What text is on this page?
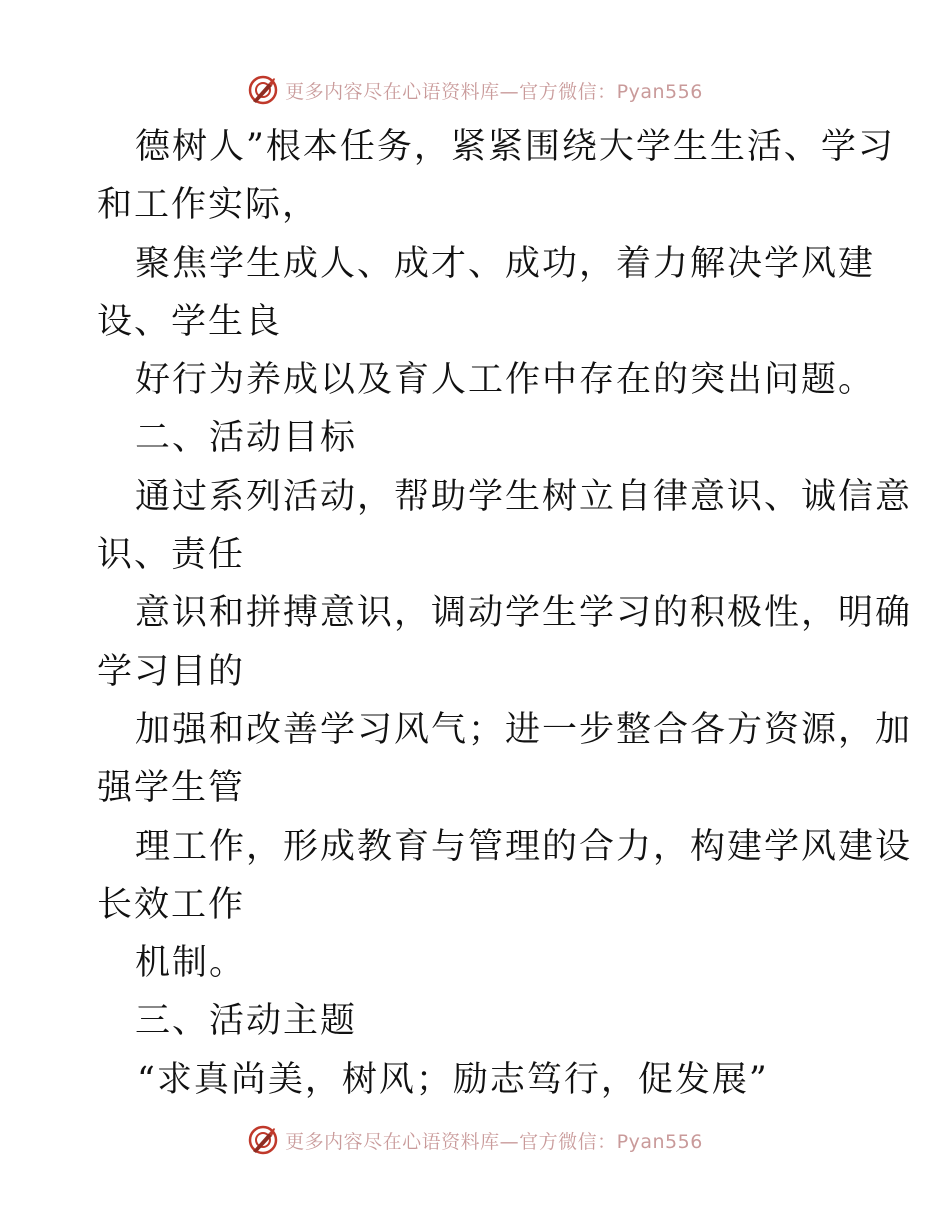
更多内容尽在心语资料库—官方微信：Pyan556
德树人”根本任务，紧紧围绕大学生生活、学习
和工作实际，
聚焦学生成人、成才、成功，着力解决学风建
设、学生良
好行为养成以及育人工作中存在的突出问题。
二、活动目标
通过系列活动，帮助学生树立自律意识、诚信意
识、责任
意识和拼搏意识，调动学生学习的积极性，明确
学习目的
加强和改善学习风气；进一步整合各方资源，加
强学生管
理工作，形成教育与管理的合力，构建学风建设
长效工作
机制。
三、活动主题
“求真尚美，树风；励志笃行，促发展”
更多内容尽在心语资料库—官方微信：Pyan556
